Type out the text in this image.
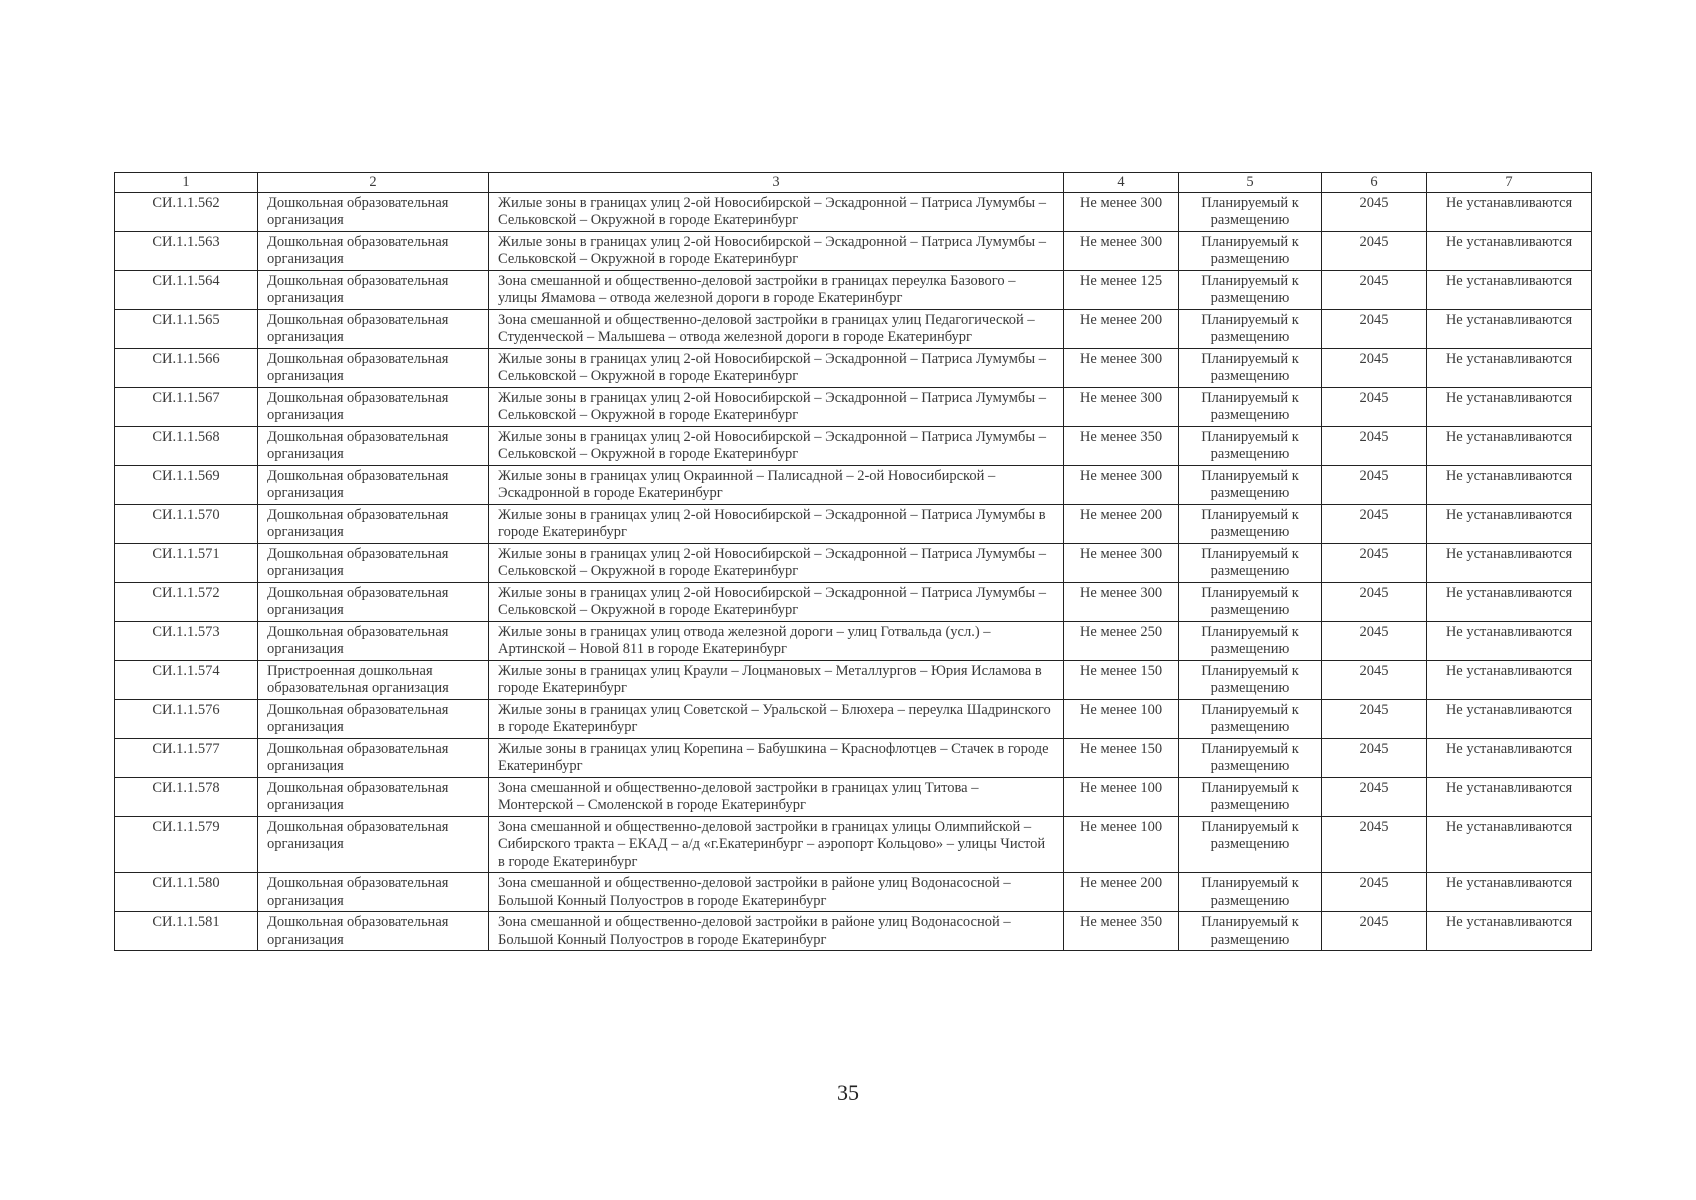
1	2	3	4	5	6	7
СИ.1.1.562	Дошкольная образовательная организация	Жилые зоны в границах улиц 2-ой Новосибирской – Эскадронной – Патриса Лумумбы – Сельковской – Окружной в городе Екатеринбург	Не менее 300	Планируемый к размещению	2045	Не устанавливаются
СИ.1.1.563	Дошкольная образовательная организация	Жилые зоны в границах улиц 2-ой Новосибирской – Эскадронной – Патриса Лумумбы – Сельковской – Окружной в городе Екатеринбург	Не менее 300	Планируемый к размещению	2045	Не устанавливаются
СИ.1.1.564	Дошкольная образовательная организация	Зона смешанной и общественно-деловой застройки в границах переулка Базового – улицы Ямамова – отвода железной дороги в городе Екатеринбург	Не менее 125	Планируемый к размещению	2045	Не устанавливаются
СИ.1.1.565	Дошкольная образовательная организация	Зона смешанной и общественно-деловой застройки в границах улиц Педагогической – Студенческой – Малышева – отвода железной дороги в городе Екатеринбург	Не менее 200	Планируемый к размещению	2045	Не устанавливаются
СИ.1.1.566	Дошкольная образовательная организация	Жилые зоны в границах улиц 2-ой Новосибирской – Эскадронной – Патриса Лумумбы – Сельковской – Окружной в городе Екатеринбург	Не менее 300	Планируемый к размещению	2045	Не устанавливаются
СИ.1.1.567	Дошкольная образовательная организация	Жилые зоны в границах улиц 2-ой Новосибирской – Эскадронной – Патриса Лумумбы – Сельковской – Окружной в городе Екатеринбург	Не менее 300	Планируемый к размещению	2045	Не устанавливаются
СИ.1.1.568	Дошкольная образовательная организация	Жилые зоны в границах улиц 2-ой Новосибирской – Эскадронной – Патриса Лумумбы – Сельковской – Окружной в городе Екатеринбург	Не менее 350	Планируемый к размещению	2045	Не устанавливаются
СИ.1.1.569	Дошкольная образовательная организация	Жилые зоны в границах улиц Окраинной – Палисадной – 2-ой Новосибирской – Эскадронной в городе Екатеринбург	Не менее 300	Планируемый к размещению	2045	Не устанавливаются
СИ.1.1.570	Дошкольная образовательная организация	Жилые зоны в границах улиц 2-ой Новосибирской – Эскадронной – Патриса Лумумбы в городе Екатеринбург	Не менее 200	Планируемый к размещению	2045	Не устанавливаются
СИ.1.1.571	Дошкольная образовательная организация	Жилые зоны в границах улиц 2-ой Новосибирской – Эскадронной – Патриса Лумумбы – Сельковской – Окружной в городе Екатеринбург	Не менее 300	Планируемый к размещению	2045	Не устанавливаются
СИ.1.1.572	Дошкольная образовательная организация	Жилые зоны в границах улиц 2-ой Новосибирской – Эскадронной – Патриса Лумумбы – Сельковской – Окружной в городе Екатеринбург	Не менее 300	Планируемый к размещению	2045	Не устанавливаются
СИ.1.1.573	Дошкольная образовательная организация	Жилые зоны в границах улиц отвода железной дороги – улиц Готвальда (усл.) – Артинской – Новой 811 в городе Екатеринбург	Не менее 250	Планируемый к размещению	2045	Не устанавливаются
СИ.1.1.574	Пристроенная дошкольная образовательная организация	Жилые зоны в границах улиц Краули – Лоцмановых – Металлургов – Юрия Исламова в городе Екатеринбург	Не менее 150	Планируемый к размещению	2045	Не устанавливаются
СИ.1.1.576	Дошкольная образовательная организация	Жилые зоны в границах улиц Советской – Уральской – Блюхера – переулка Шадринского в городе Екатеринбург	Не менее 100	Планируемый к размещению	2045	Не устанавливаются
СИ.1.1.577	Дошкольная образовательная организация	Жилые зоны в границах улиц Корепина – Бабушкина – Краснофлотцев – Стачек в городе Екатеринбург	Не менее 150	Планируемый к размещению	2045	Не устанавливаются
СИ.1.1.578	Дошкольная образовательная организация	Зона смешанной и общественно-деловой застройки в границах улиц Титова – Монтерской – Смоленской в городе Екатеринбург	Не менее 100	Планируемый к размещению	2045	Не устанавливаются
СИ.1.1.579	Дошкольная образовательная организация	Зона смешанной и общественно-деловой застройки в границах улицы Олимпийской – Сибирского тракта – ЕКАД – а/д «г.Екатеринбург – аэропорт Кольцово» – улицы Чистой в городе Екатеринбург	Не менее 100	Планируемый к размещению	2045	Не устанавливаются
СИ.1.1.580	Дошкольная образовательная организация	Зона смешанной и общественно-деловой застройки в районе улиц Водонасосной – Большой Конный Полуостров в городе Екатеринбург	Не менее 200	Планируемый к размещению	2045	Не устанавливаются
СИ.1.1.581	Дошкольная образовательная организация	Зона смешанной и общественно-деловой застройки в районе улиц Водонасосной – Большой Конный Полуостров в городе Екатеринбург	Не менее 350	Планируемый к размещению	2045	Не устанавливаются
35
